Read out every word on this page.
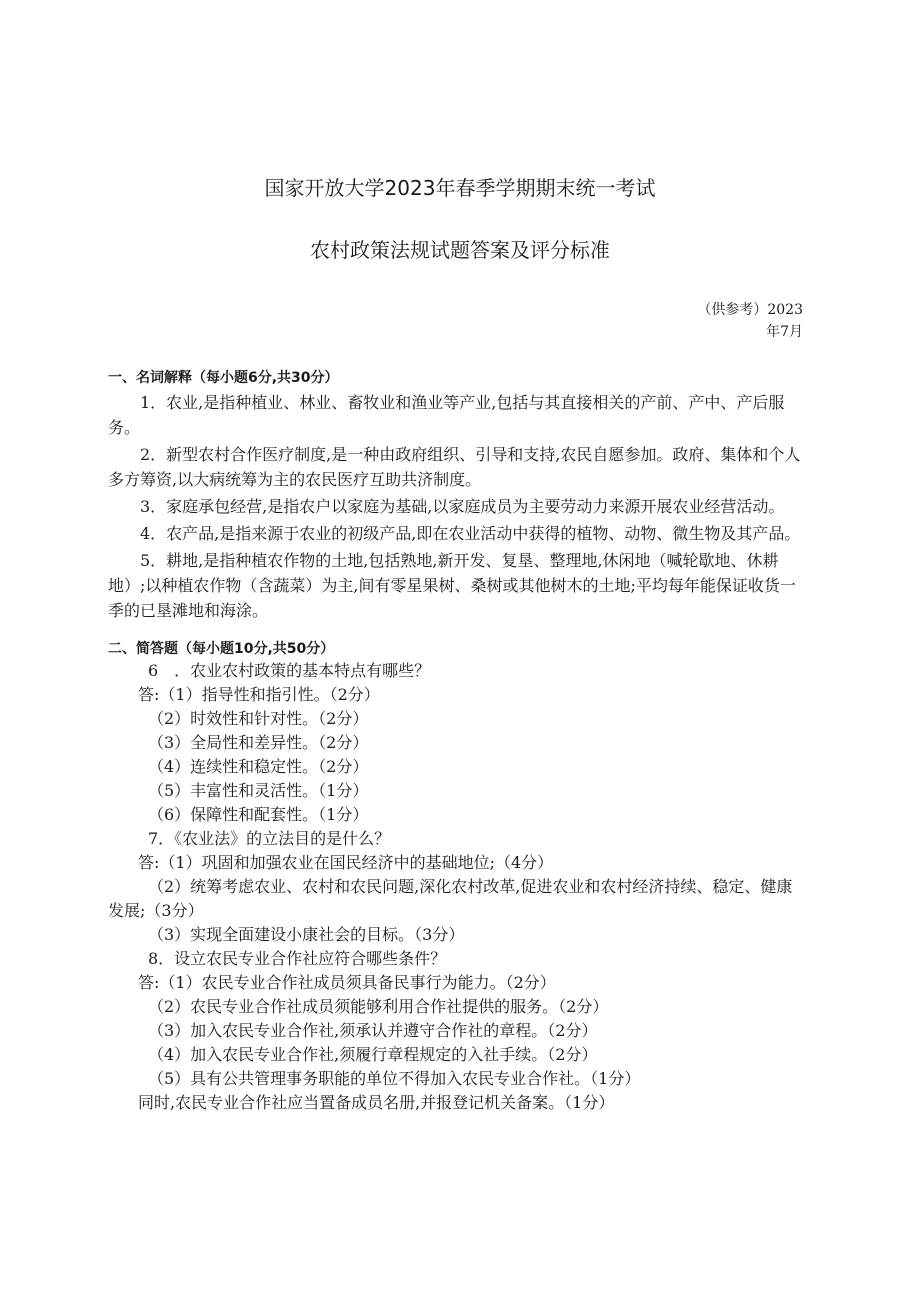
国家开放大学2023年春季学期期末统一考试
农村政策法规试题答案及评分标准
（供参考）2023
年7月

一、名词解释（每小题6分,共30分）

1．农业,是指种植业、林业、畜牧业和渔业等产业,包括与其直接相关的产前、产中、产后服务。

2．新型农村合作医疗制度,是一种由政府组织、引导和支持,农民自愿参加。政府、集体和个人多方筹资,以大病统筹为主的农民医疗互助共济制度。

3．家庭承包经营,是指农户以家庭为基础,以家庭成员为主要劳动力来源开展农业经营活动。

4．农产品,是指来源于农业的初级产品,即在农业活动中获得的植物、动物、微生物及其产品。

5．耕地,是指种植农作物的土地,包括熟地,新开发、复垦、整理地,休闲地（喊轮歇地、休耕地）;以种植农作物（含蔬菜）为主,间有零星果树、桑树或其他树木的土地;平均每年能保证收货一季的已垦滩地和海涂。

二、简答题（每小题10分,共50分）

6　．农业农村政策的基本特点有哪些？

答:（1）指导性和指引性。（2分）

（2）时效性和针对性。（2分）

（3）全局性和差异性。（2分）

（4）连续性和稳定性。（2分）

（5）丰富性和灵活性。（1分）

（6）保障性和配套性。（1分）

7．《农业法》的立法目的是什么？

答:（1）巩固和加强农业在国民经济中的基础地位;（4分）

（2）统筹考虑农业、农村和农民问题,深化农村改革,促进农业和农村经济持续、稳定、健康发展;（3分）

（3）实现全面建设小康社会的目标。（3分）

8．设立农民专业合作社应符合哪些条件？

答:（1）农民专业合作社成员须具备民事行为能力。（2分）

（2）农民专业合作社成员须能够利用合作社提供的服务。（2分）

（3）加入农民专业合作社,须承认并遵守合作社的章程。（2分）

（4）加入农民专业合作社,须履行章程规定的入社手续。（2分）

（5）具有公共管理事务职能的单位不得加入农民专业合作社。（1分）

同时,农民专业合作社应当置备成员名册,并报登记机关备案。（1分）
